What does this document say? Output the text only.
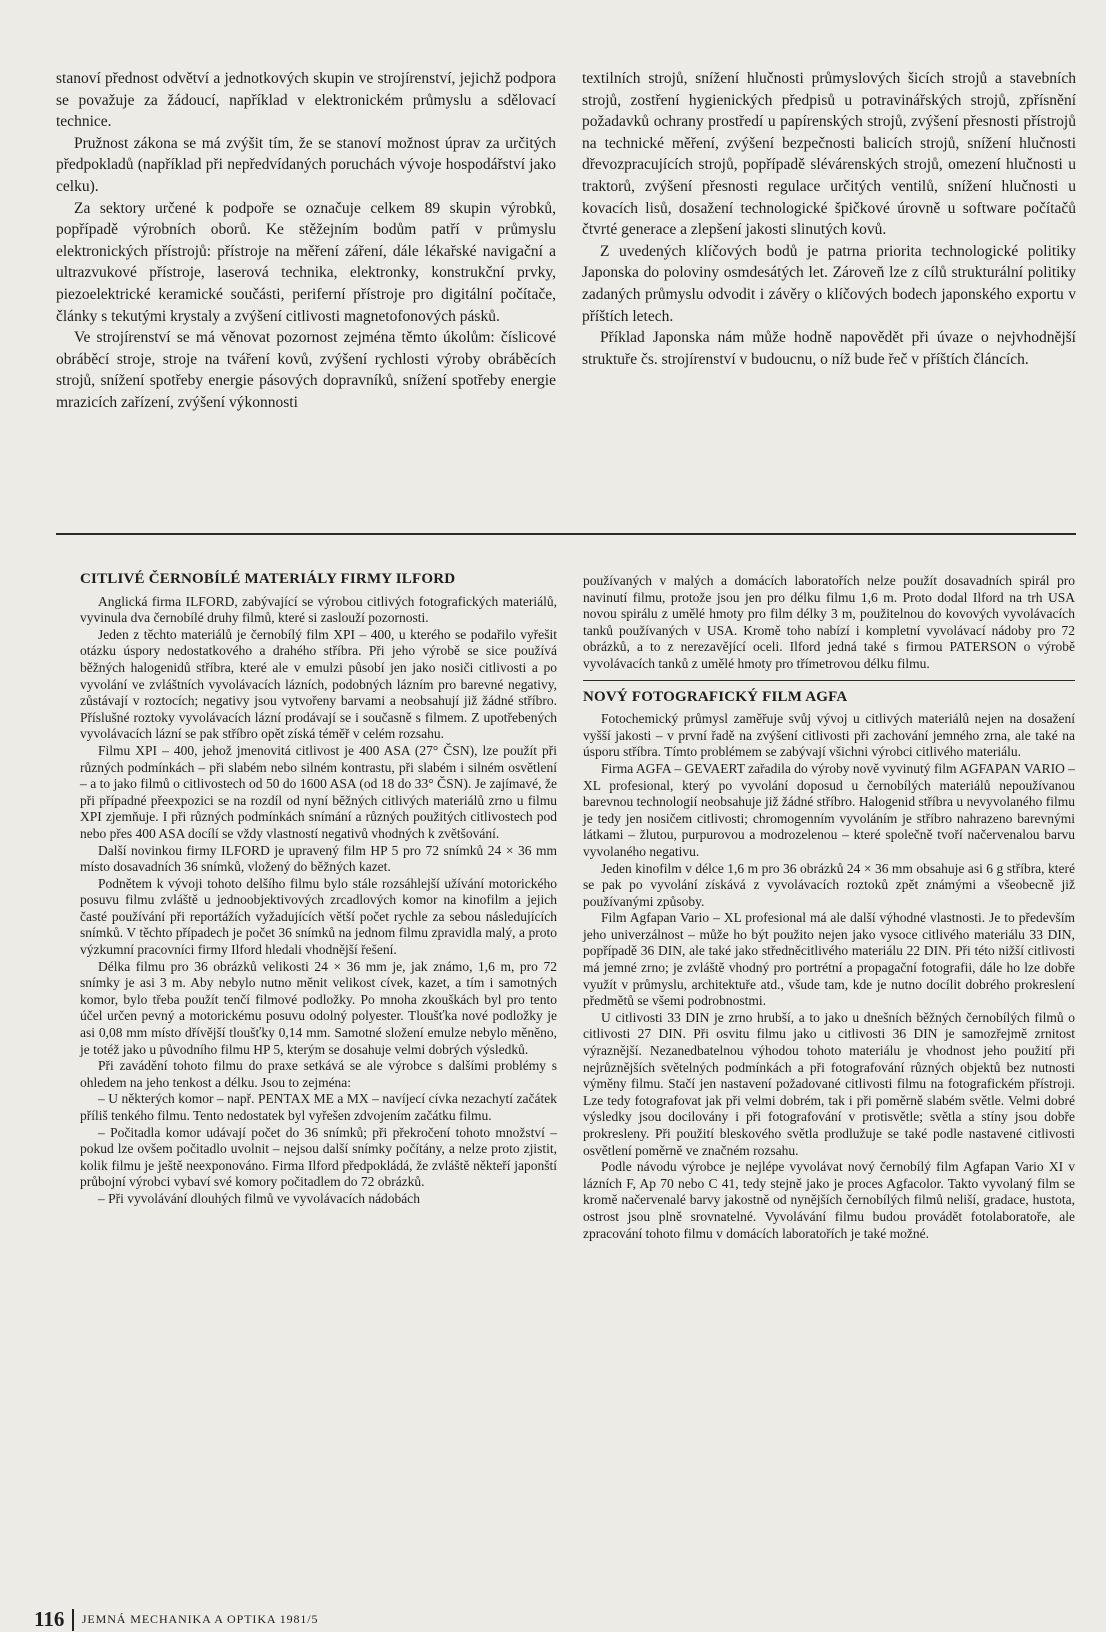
stanoví přednost odvětví a jednotkových skupin ve strojírenství, jejichž podpora se považuje za žádoucí, například v elektronickém průmyslu a sdělovací technice.

Pružnost zákona se má zvýšit tím, že se stanoví možnost úprav za určitých předpokladů (například při nepředvídaných poruchách vývoje hospodářství jako celku).

Za sektory určené k podpoře se označuje celkem 89 skupin výrobků, popřípadě výrobních oborů. Ke stěžejním bodům patří v průmyslu elektronických přístrojů: přístroje na měření záření, dále lékařské navigační a ultrazvukové přístroje, laserová technika, elektronky, konstrukční prvky, piezoelektrické keramické součásti, periferní přístroje pro digitální počítače, články s tekutými krystaly a zvýšení citlivosti magnetofonových pásků.

Ve strojírenství se má věnovat pozornost zejména těmto úkolům: číslicové obráběcí stroje, stroje na tváření kovů, zvýšení rychlosti výroby obráběcích strojů, snížení spotřeby energie pásových dopravníků, snížení spotřeby energie mrazicích zařízení, zvýšení výkonnosti

textilních strojů, snížení hlučnosti průmyslových šicích strojů a stavebních strojů, zostření hygienických předpisů u potravinářských strojů, zpřísnění požadavků ochrany prostředí u papírenských strojů, zvýšení přesnosti přístrojů na technické měření, zvýšení bezpečnosti balicích strojů, snížení hlučnosti dřevozpracujících strojů, popřípadě slévárenských strojů, omezení hlučnosti u traktorů, zvýšení přesnosti regulace určitých ventilů, snížení hlučnosti u kovacích lisů, dosažení technologické špičkové úrovně u software počítačů čtvrté generace a zlepšení jakosti slinutých kovů.

Z uvedených klíčových bodů je patrna priorita technologické politiky Japonska do poloviny osmdesátých let. Zároveň lze z cílů strukturální politiky zadaných průmyslu odvodit i závěry o klíčových bodech japonského exportu v příštích letech.

Příklad Japonska nám může hodně napovědět při úvaze o nejvhodnější struktuře čs. strojírenství v budoucnu, o níž bude řeč v příštích článcích.

CITLIVÉ ČERNOBÍLÉ MATERIÁLY FIRMY ILFORD

Anglická firma ILFORD, zabývající se výrobou citlivých fotografických materiálů, vyvinula dva černobílé druhy filmů, které si zaslouží pozornosti.

Jeden z těchto materiálů je černobílý film XPI – 400, u kterého se podařilo vyřešit otázku úspory nedostatkového a drahého stříbra. Při jeho výrobě se sice používá běžných halogenidů stříbra, které ale v emulzi působí jen jako nosiči citlivosti a po vyvolání ve zvláštních vyvolávacích lázních, podobných lázním pro barevné negativy, zůstávají v roztocích; negativy jsou vytvořeny barvami a neobsahují již žádné stříbro. Příslušné roztoky vyvolávacích lázní prodávají se i současně s filmem. Z upotřebených vyvolávacích lázní se pak stříbro opět získá téměř v celém rozsahu.

Filmu XPI – 400, jehož jmenovitá citlivost je 400 ASA (27° ČSN), lze použít při různých podmínkách – při slabém nebo silném kontrastu, při slabém i silném osvětlení – a to jako filmů o citlivostech od 50 do 1600 ASA (od 18 do 33° ČSN). Je zajímavé, že při případné přeexpozici se na rozdíl od nyní běžných citlivých materiálů zrno u filmu XPI zjemňuje. I při různých podmínkách snímání a různých použitých citlivostech pod nebo přes 400 ASA docílí se vždy vlastností negativů vhodných k zvětšování.

Další novinkou firmy ILFORD je upravený film HP 5 pro 72 snímků 24 × 36 mm místo dosavadních 36 snímků, vložený do běžných kazet.

Podnětem k vývoji tohoto delšího filmu bylo stále rozsáhlejší užívání motorického posuvu filmu zvláště u jednoobjektivových zrcadlových komor na kinofilm a jejich časté používání při reportážích vyžadujících větší počet rychle za sebou následujících snímků. V těchto případech je počet 36 snímků na jednom filmu zpravidla malý, a proto výzkumní pracovníci firmy Ilford hledali vhodnější řešení.

Délka filmu pro 36 obrázků velikosti 24 × 36 mm je, jak známo, 1,6 m, pro 72 snímky je asi 3 m. Aby nebylo nutno měnit velikost cívek, kazet, a tím i samotných komor, bylo třeba použít tenčí filmové podložky. Po mnoha zkouškách byl pro tento účel určen pevný a motorickému posuvu odolný polyester. Tloušťka nové podložky je asi 0,08 mm místo dřívější tloušťky 0,14 mm. Samotné složení emulze nebylo měněno, je totéž jako u původního filmu HP 5, kterým se dosahuje velmi dobrých výsledků.

Při zavádění tohoto filmu do praxe setkává se ale výrobce s dalšími problémy s ohledem na jeho tenkost a délku. Jsou to zejména:

– U některých komor – např. PENTAX ME a MX – navíjecí cívka nezachytí začátek příliš tenkého filmu. Tento nedostatek byl vyřešen zdvojením začátku filmu.

– Počitadla komor udávají počet do 36 snímků; při překročení tohoto množství – pokud lze ovšem počitadlo uvolnit – nejsou další snímky počítány, a nelze proto zjistit, kolik filmu je ještě neexponováno. Firma Ilford předpokládá, že zvláště někteří japonští průbojní výrobci vybaví své komory počitadlem do 72 obrázků.

– Při vyvolávání dlouhých filmů ve vyvolávacích nádobách

používaných v malých a domácích laboratořích nelze použít dosavadních spirál pro navinutí filmu, protože jsou jen pro délku filmu 1,6 m. Proto dodal Ilford na trh USA novou spirálu z umělé hmoty pro film délky 3 m, použitelnou do kovových vyvolávacích tanků používaných v USA. Kromě toho nabízí i kompletní vyvolávací nádoby pro 72 obrázků, a to z nerezavějící oceli. Ilford jedná také s firmou PATERSON o výrobě vyvolávacích tanků z umělé hmoty pro třímetrovou délku filmu.

NOVÝ FOTOGRAFICKÝ FILM AGFA

Fotochemický průmysl zaměřuje svůj vývoj u citlivých materiálů nejen na dosažení vyšší jakosti – v první řadě na zvýšení citlivosti při zachování jemného zrna, ale také na úsporu stříbra. Tímto problémem se zabývají všichni výrobci citlivého materiálu.

Firma AGFA – GEVAERT zařadila do výroby nově vyvinutý film AGFAPAN VARIO – XL profesional, který po vyvolání doposud u černobílých materiálů nepoužívanou barevnou technologií neobsahuje již žádné stříbro. Halogenid stříbra u nevyvolaného filmu je tedy jen nosičem citlivosti; chromogenním vyvoláním je stříbro nahrazeno barevnými látkami – žlutou, purpurovou a modrozelenou – které společně tvoří načervenalou barvu vyvolaného negativu.

Jeden kinofilm v délce 1,6 m pro 36 obrázků 24 × 36 mm obsahuje asi 6 g stříbra, které se pak po vyvolání získává z vyvolávacích roztoků zpět známými a všeobecně již používanými způsoby.

Film Agfapan Vario – XL profesional má ale další výhodné vlastnosti. Je to především jeho univerzálnost – může ho být použito nejen jako vysoce citlivého materiálu 33 DIN, popřípadě 36 DIN, ale také jako středněcitlivého materiálu 22 DIN. Při této nižší citlivosti má jemné zrno; je zvláště vhodný pro portrétní a propagační fotografii, dále ho lze dobře využít v průmyslu, architektuře atd., všude tam, kde je nutno docílit dobrého prokreslení předmětů se všemi podrobnostmi.

U citlivosti 33 DIN je zrno hrubší, a to jako u dnešních běžných černobílých filmů o citlivosti 27 DIN. Při osvitu filmu jako u citlivosti 36 DIN je samozřejmě zrnitost výraznější. Nezanedbatelnou výhodou tohoto materiálu je vhodnost jeho použití při nejrůznějších světelných podmínkách a při fotografování různých objektů bez nutnosti výměny filmu. Stačí jen nastavení požadované citlivosti filmu na fotografickém přístroji. Lze tedy fotografovat jak při velmi dobrém, tak i při poměrně slabém světle. Velmi dobré výsledky jsou docilovány i při fotografování v protisvětle; světla a stíny jsou dobře prokresleny. Při použití bleskového světla prodlužuje se také podle nastavené citlivosti osvětlení poměrně ve značném rozsahu.

Podle návodu výrobce je nejlépe vyvolávat nový černobílý film Agfapan Vario XI v lázních F, Ap 70 nebo C 41, tedy stejně jako je proces Agfacolor. Takto vyvolaný film se kromě načervenalé barvy jakostně od nynějších černobílých filmů neliší, gradace, hustota, ostrost jsou plně srovnatelné. Vyvolávání filmu budou provádět fotolaboratoře, ale zpracování tohoto filmu v domácích laboratořích je také možné.

116 JEMNÁ MECHANIKA A OPTIKA 1981/5
